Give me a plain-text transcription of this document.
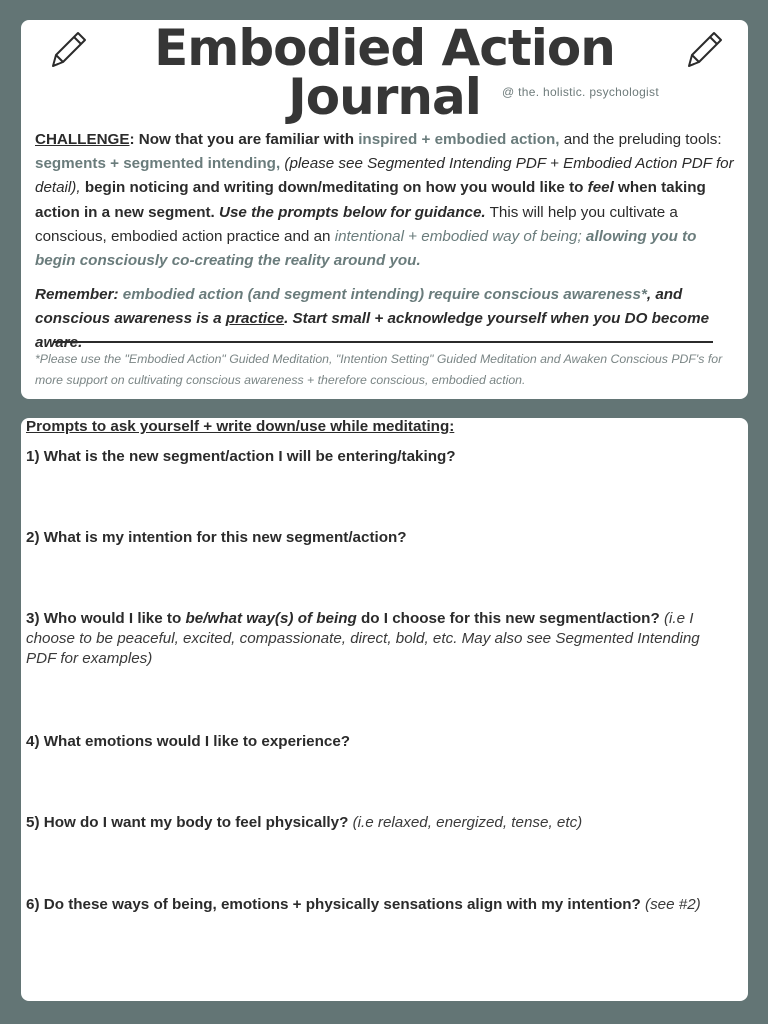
Embodied Action
Journal	@ the. holistic. psychologist

CHALLENGE: Now that you are familiar with inspired + embodied action, and the preluding tools: segments + segmented intending, (please see Segmented Intending PDF + Embodied Action PDF for detail), begin noticing and writing down/meditating on how you would like to feel when taking action in a new segment. Use the prompts below for guidance. This will help you cultivate a conscious, embodied action practice and an intentional + embodied way of being; allowing you to begin consciously co-creating the reality around you.

Remember: embodied action (and segment intending) require conscious awareness*, and conscious awareness is a practice. Start small + acknowledge yourself when you DO become aware.

*Please use the "Embodied Action" Guided Meditation, "Intention Setting" Guided Meditation and Awaken Conscious PDF's for more support on cultivating conscious awareness + therefore conscious, embodied action.
Prompts to ask yourself + write down/use while meditating:
1) What is the new segment/action I will be entering/taking?
2) What is my intention for this new segment/action?
3) Who would I like to be/what way(s) of being do I choose for this new segment/action? (i.e I choose to be peaceful, excited, compassionate, direct, bold, etc. May also see Segmented Intending PDF for examples)
4) What emotions would I like to experience?
5) How do I want my body to feel physically? (i.e relaxed, energized, tense, etc)
6) Do these ways of being, emotions + physically sensations align with my intention? (see #2)
